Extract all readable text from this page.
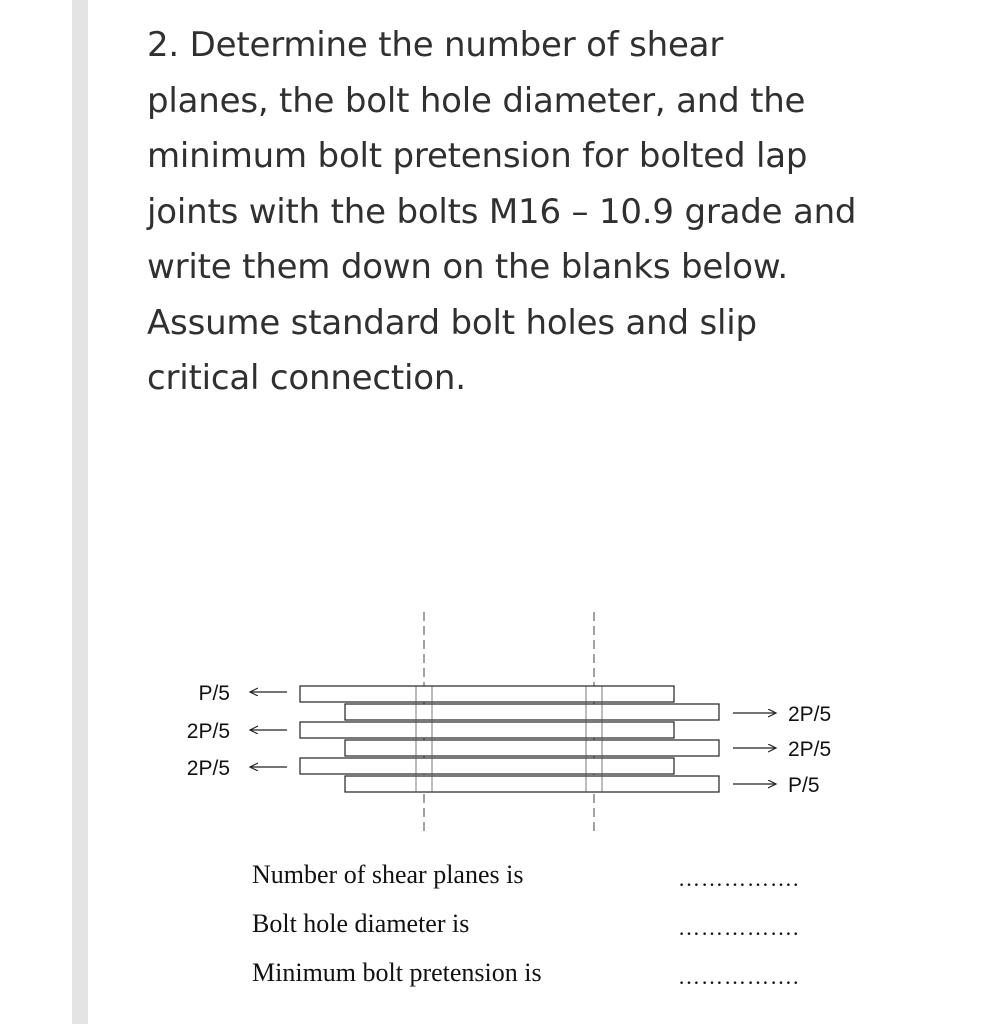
2. Determine the number of shear
planes, the bolt hole diameter, and the
minimum bolt pretension for bolted lap
joints with the bolts M16 – 10.9 grade and
write them down on the blanks below.
Assume standard bolt holes and slip
critical connection.
P/5
2P/5
2P/5
2P/5
2P/5
P/5
Number of shear planes is	…………….
Bolt hole diameter is	…………….
Minimum bolt pretension is	…………….
